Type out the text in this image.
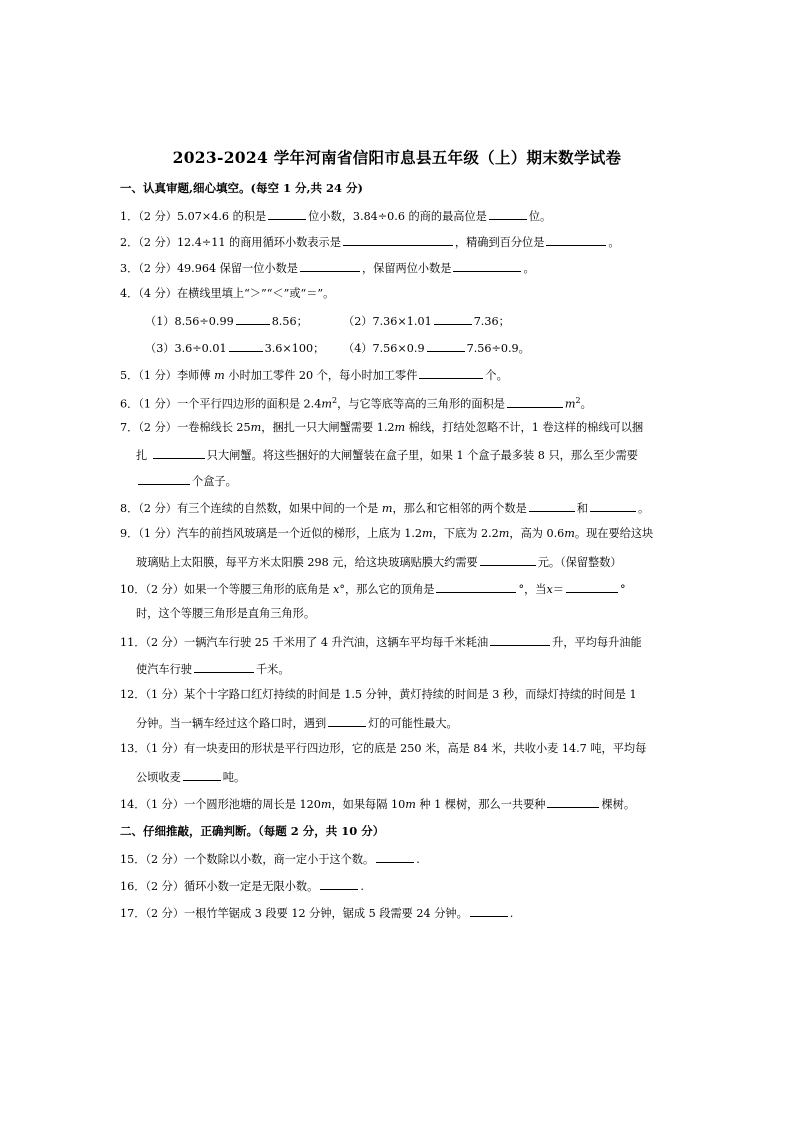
2023-2024 学年河南省信阳市息县五年级（上）期末数学试卷
一、认真审题,细心填空。(每空 1 分,共 24 分)
1．（2 分）5.07×4.6 的积是	位小数，3.84÷0.6 的商的最高位是	位。
2．（2 分）12.4÷11 的商用循环小数表示是	，精确到百分位是	。
3．（2 分）49.964 保留一位小数是	，保留两位小数是	。
4．（4 分）在横线里填上“＞”“＜”或“＝”。
（1）8.56÷0.99	8.56；	（2）7.36×1.01	7.36；
（3）3.6÷0.01	3.6×100； （4）7.56×0.9	7.56÷0.9。
5．（1 分）李师傅 m 小时加工零件 20 个，每小时加工零件	个。
6．（1 分）一个平行四边形的面积是 $2.4m^2$，与它等底等高的三角形的面积是	$m^2$。
7．（2 分）一卷棉线长 25m，捆扎一只大闸蟹需要 1.2m 棉线，打结处忽略不计，1 卷这样的棉线可以捆
扎	只大闸蟹。将这些捆好的大闸蟹装在盒子里，如果 1 个盒子最多装 8 只，那么至少需要
个盒子。
8．（2 分）有三个连续的自然数，如果中间的一个是 m，那么和它相邻的两个数是	和	。
9．（1 分）汽车的前挡风玻璃是一个近似的梯形，上底为 1.2m，下底为 2.2m，高为 0.6m。现在要给这块
玻璃贴上太阳膜，每平方米太阳膜 298 元，给这块玻璃贴膜大约需要	元。（保留整数）
10．（2 分）如果一个等腰三角形的底角是 x°，那么它的顶角是	°，当x＝	°
时，这个等腰三角形是直角三角形。
11．（2 分）一辆汽车行驶 25 千米用了 4 升汽油，这辆车平均每千米耗油	升，平均每升油能
使汽车行驶	千米。
12．（1 分）某个十字路口红灯持续的时间是 1.5 分钟，黄灯持续的时间是 3 秒，而绿灯持续的时间是 1
分钟。当一辆车经过这个路口时，遇到	灯的可能性最大。
13．（1 分）有一块麦田的形状是平行四边形，它的底是 250 米，高是 84 米，共收小麦 14.7 吨，平均每
公顷收麦	吨。
14．（1 分）一个圆形池塘的周长是 120m，如果每隔 10m 种 1 棵树，那么一共要种	棵树。
二、仔细推敲，正确判断。（每题 2 分，共 10 分）
15．（2 分）一个数除以小数，商一定小于这个数。	.
16．（2 分）循环小数一定是无限小数。	.
17．（2 分）一根竹竿锯成 3 段要 12 分钟，锯成 5 段需要 24 分钟。	.
